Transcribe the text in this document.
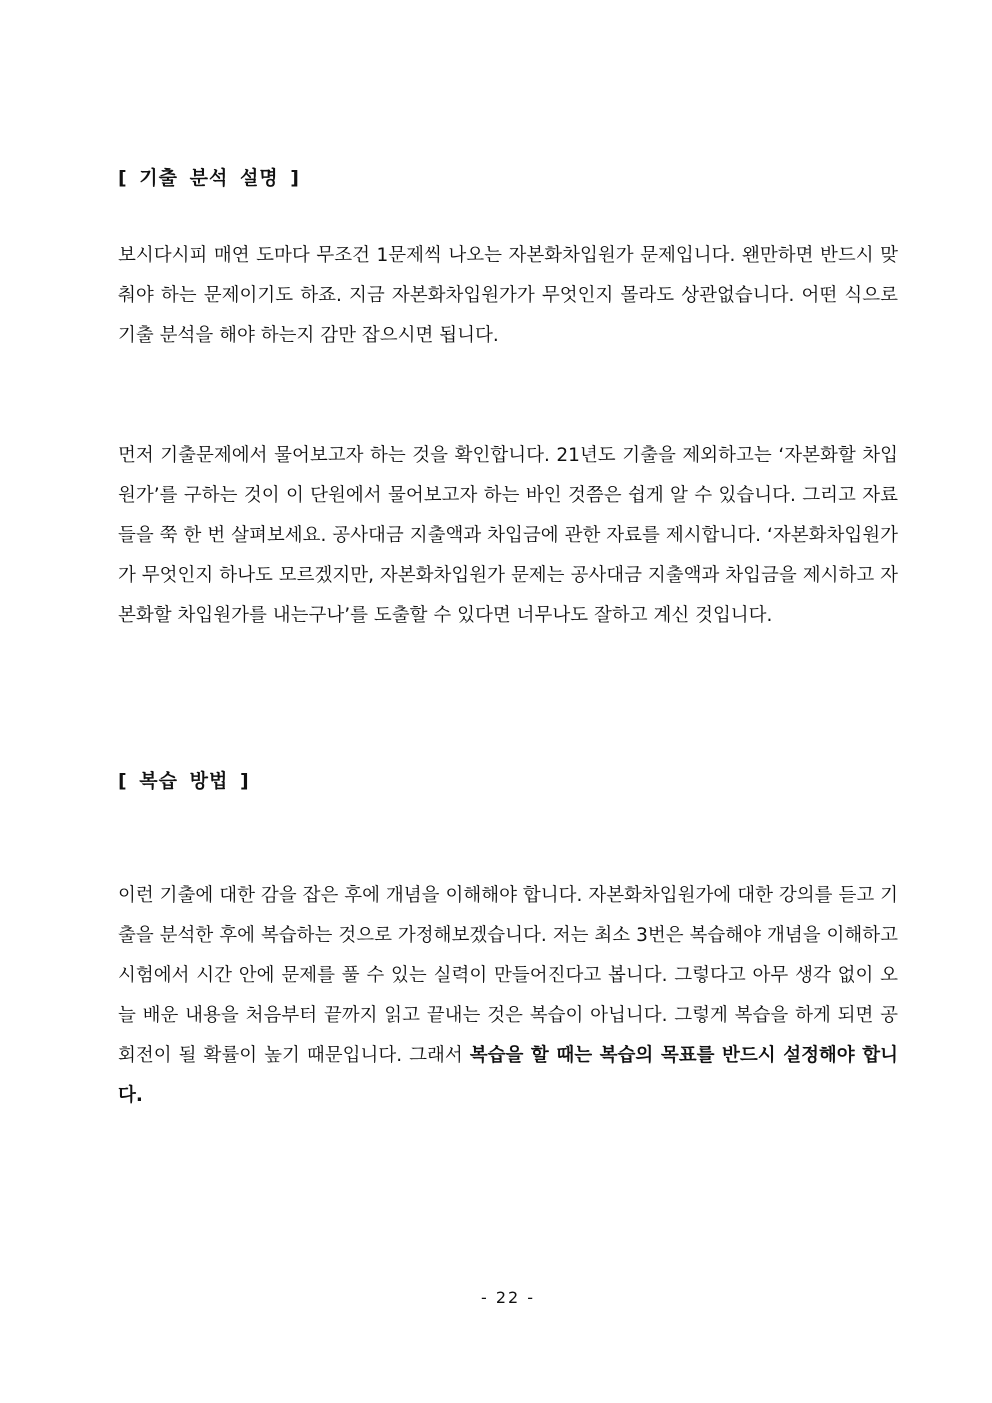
[ 기출 분석 설명 ]

보시다시피 매연 도마다 무조건 1문제씩 나오는 자본화차입원가 문제입니다. 왠만하면 반드시 맞춰야 하는 문제이기도 하죠. 지금 자본화차입원가가 무엇인지 몰라도 상관없습니다. 어떤 식으로 기출 분석을 해야 하는지 감만 잡으시면 됩니다.

먼저 기출문제에서 물어보고자 하는 것을 확인합니다. 21년도 기출을 제외하고는 ‘자본화할 차입원가’를 구하는 것이 이 단원에서 물어보고자 하는 바인 것쯤은 쉽게 알 수 있습니다. 그리고 자료들을 쭉 한 번 살펴보세요. 공사대금 지출액과 차입금에 관한 자료를 제시합니다. ‘자본화차입원가가 무엇인지 하나도 모르겠지만, 자본화차입원가 문제는 공사대금 지출액과 차입금을 제시하고 자본화할 차입원가를 내는구나’를 도출할 수 있다면 너무나도 잘하고 계신 것입니다.

[ 복습 방법 ]

이런 기출에 대한 감을 잡은 후에 개념을 이해해야 합니다. 자본화차입원가에 대한 강의를 듣고 기출을 분석한 후에 복습하는 것으로 가정해보겠습니다. 저는 최소 3번은 복습해야 개념을 이해하고 시험에서 시간 안에 문제를 풀 수 있는 실력이 만들어진다고 봅니다. 그렇다고 아무 생각 없이 오늘 배운 내용을 처음부터 끝까지 읽고 끝내는 것은 복습이 아닙니다. 그렇게 복습을 하게 되면 공회전이 될 확률이 높기 때문입니다. 그래서 복습을 할 때는 복습의 목표를 반드시 설정해야 합니다.

- 22 -
